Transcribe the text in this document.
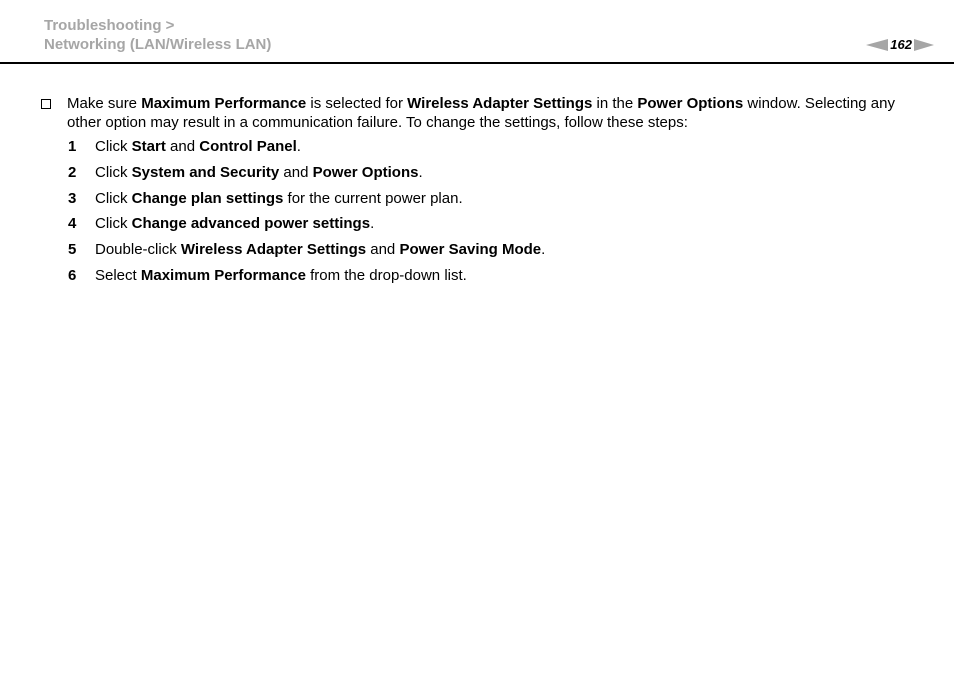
Troubleshooting >
Networking (LAN/Wireless LAN)	162
Make sure Maximum Performance is selected for Wireless Adapter Settings in the Power Options window. Selecting any other option may result in a communication failure. To change the settings, follow these steps:
1	Click Start and Control Panel.
2	Click System and Security and Power Options.
3	Click Change plan settings for the current power plan.
4	Click Change advanced power settings.
5	Double-click Wireless Adapter Settings and Power Saving Mode.
6	Select Maximum Performance from the drop-down list.
